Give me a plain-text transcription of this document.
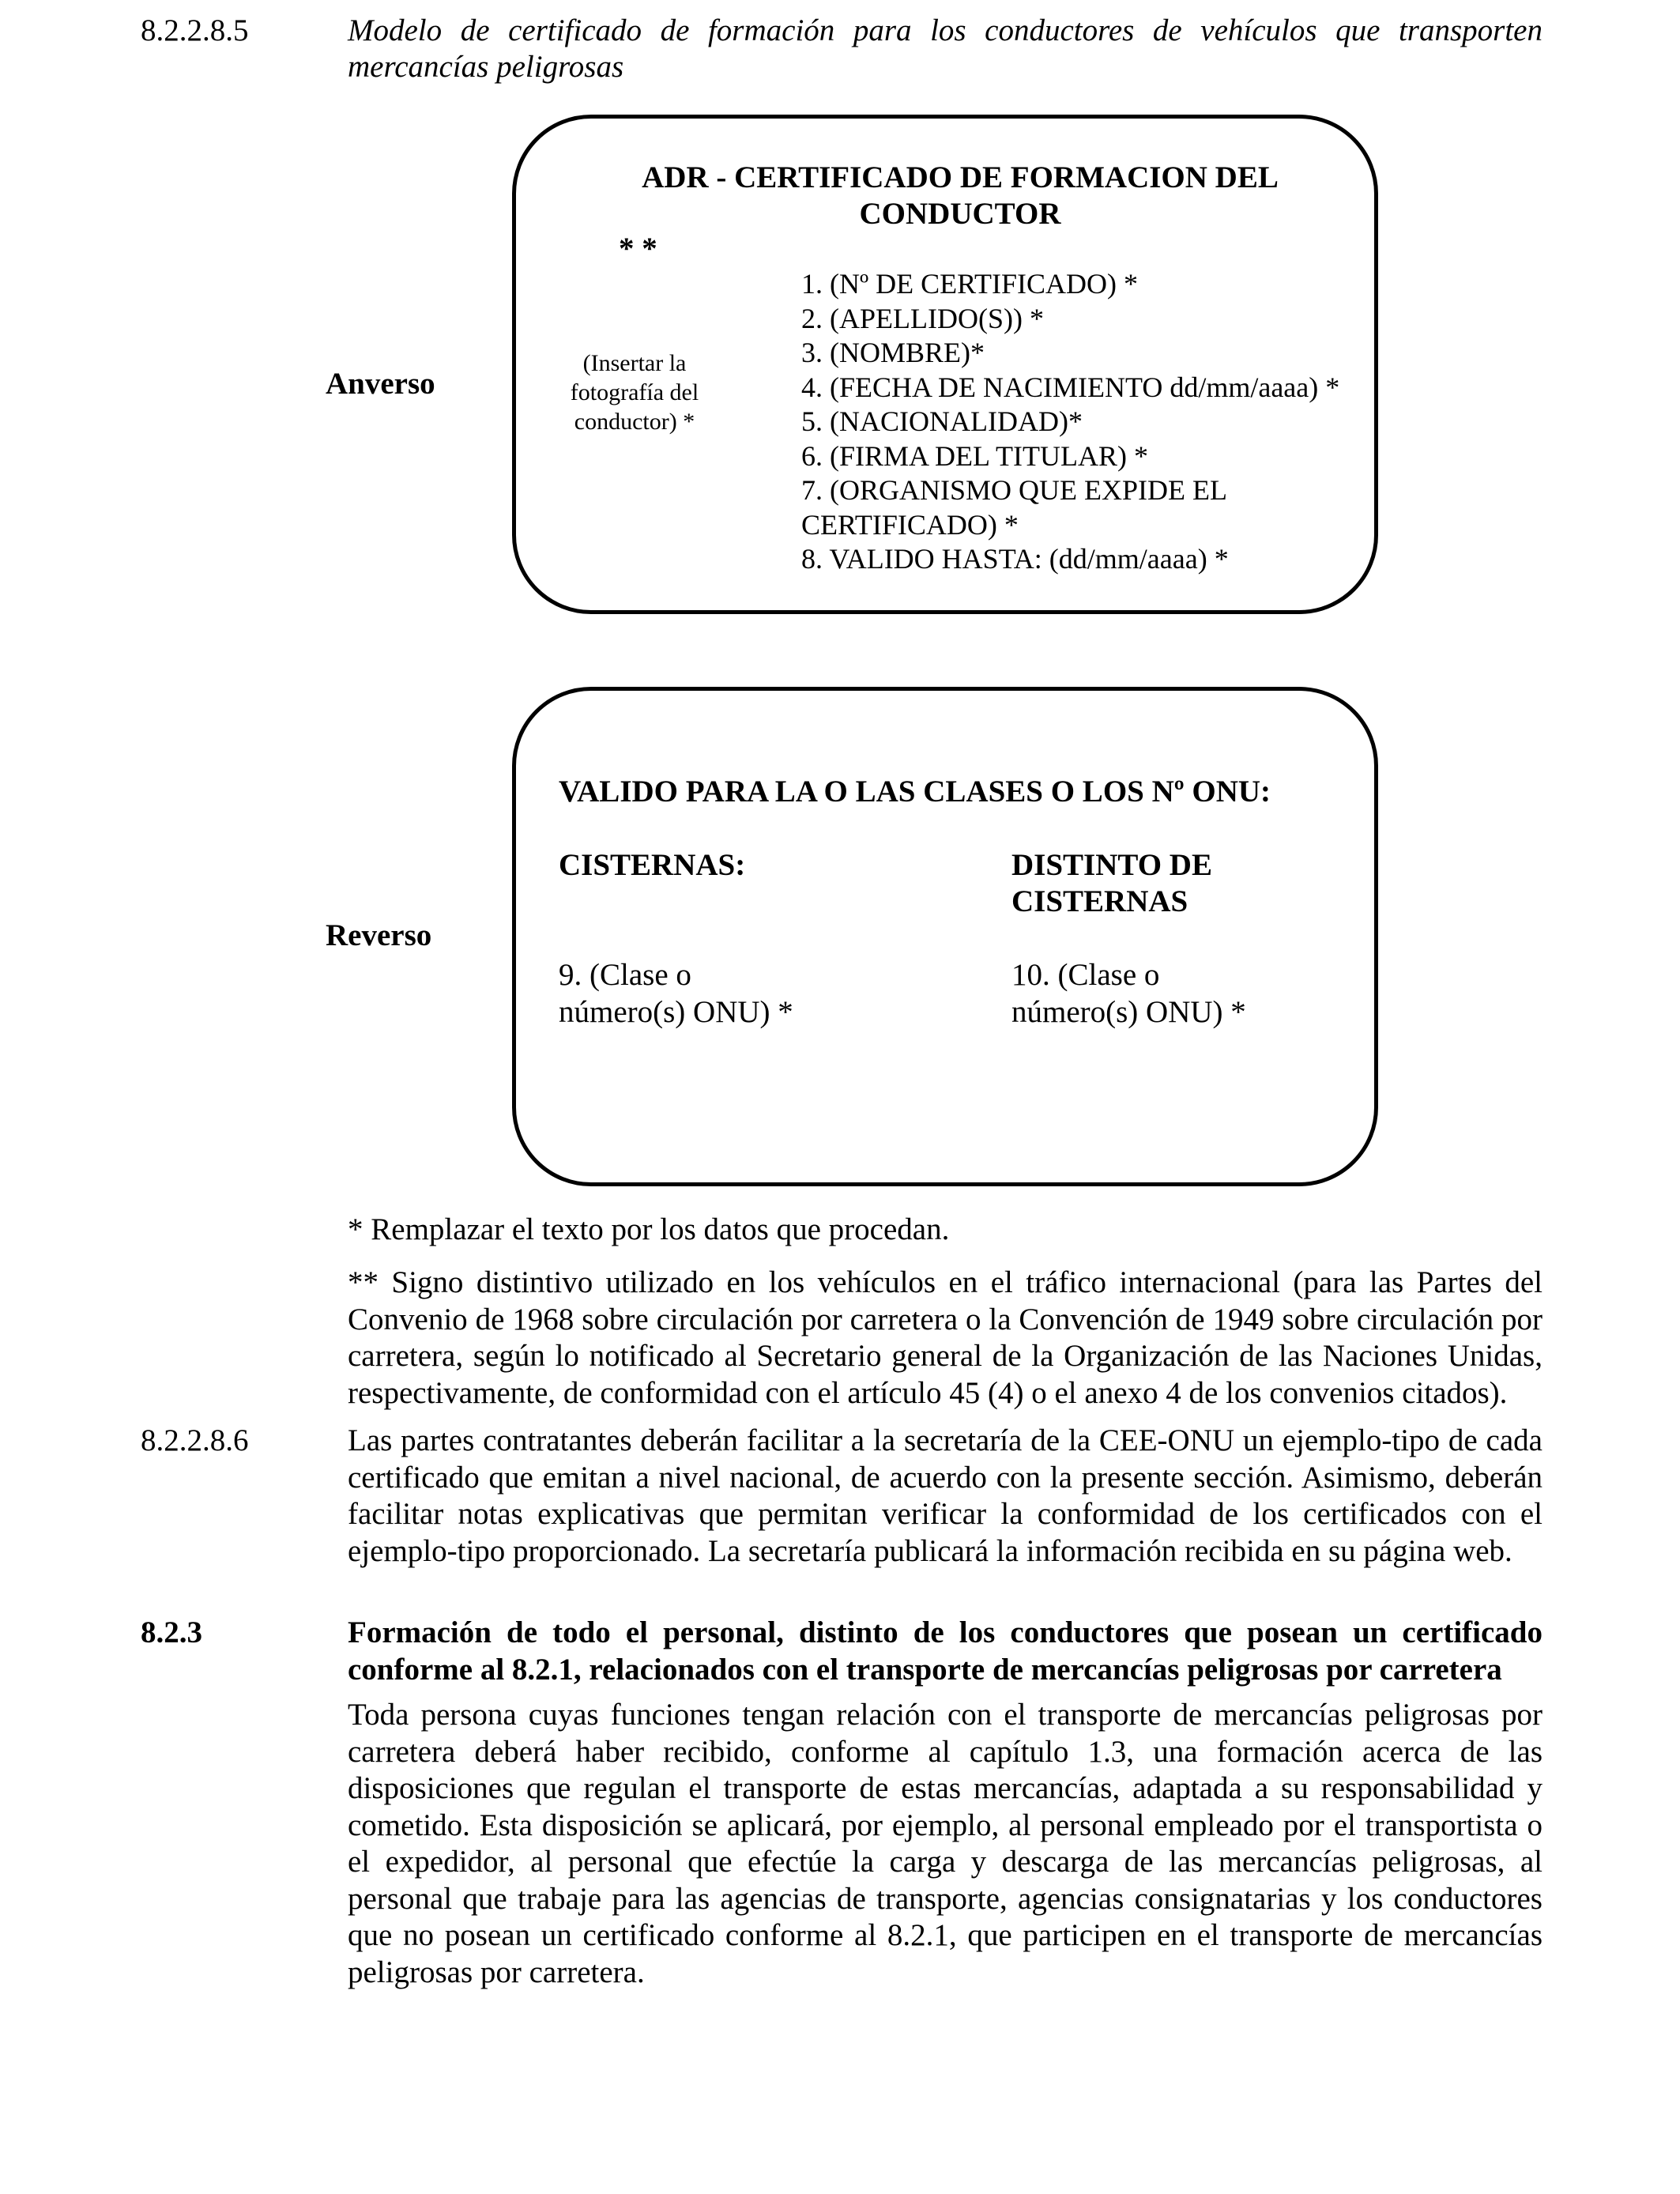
8.2.2.8.5	Modelo de certificado de formación para los conductores de vehículos que transporten
mercancías peligrosas
Anverso
ADR - CERTIFICADO DE FORMACION DEL
CONDUCTOR
* *
(Insertar la
fotografía del
conductor) *
1. (Nº DE CERTIFICADO) *
2. (APELLIDO(S)) *
3. (NOMBRE)*
4. (FECHA DE NACIMIENTO dd/mm/aaaa) *
5. (NACIONALIDAD)*
6. (FIRMA DEL TITULAR) *
7. (ORGANISMO QUE EXPIDE EL
CERTIFICADO) *
8. VALIDO HASTA: (dd/mm/aaaa) *
Reverso
VALIDO PARA LA O LAS CLASES O LOS Nº ONU:
CISTERNAS:	DISTINTO DE
CISTERNAS
9. (Clase o
número(s) ONU) *
10. (Clase o
número(s) ONU) *

* Remplazar el texto por los datos que procedan.

** Signo distintivo utilizado en los vehículos en el tráfico internacional (para las Partes del Convenio de 1968 sobre circulación por carretera o la Convención de 1949 sobre circulación por carretera, según lo notificado al Secretario general de la Organización de las Naciones Unidas, respectivamente, de conformidad con el artículo 45 (4) o el anexo 4 de los convenios citados).

8.2.2.8.6	Las partes contratantes deberán facilitar a la secretaría de la CEE-ONU un ejemplo-tipo de cada certificado que emitan a nivel nacional, de acuerdo con la presente sección. Asimismo, deberán facilitar notas explicativas que permitan verificar la conformidad de los certificados con el ejemplo-tipo proporcionado. La secretaría publicará la información recibida en su página web.

8.2.3	Formación de todo el personal, distinto de los conductores que posean un certificado conforme al 8.2.1, relacionados con el transporte de mercancías peligrosas por carretera

Toda persona cuyas funciones tengan relación con el transporte de mercancías peligrosas por carretera deberá haber recibido, conforme al capítulo 1.3, una formación acerca de las disposiciones que regulan el transporte de estas mercancías, adaptada a su responsabilidad y cometido. Esta disposición se aplicará, por ejemplo, al personal empleado por el transportista o el expedidor, al personal que efectúe la carga y descarga de las mercancías peligrosas, al personal que trabaje para las agencias de transporte, agencias consignatarias y los conductores que no posean un certificado conforme al 8.2.1, que participen en el transporte de mercancías peligrosas por carretera.
